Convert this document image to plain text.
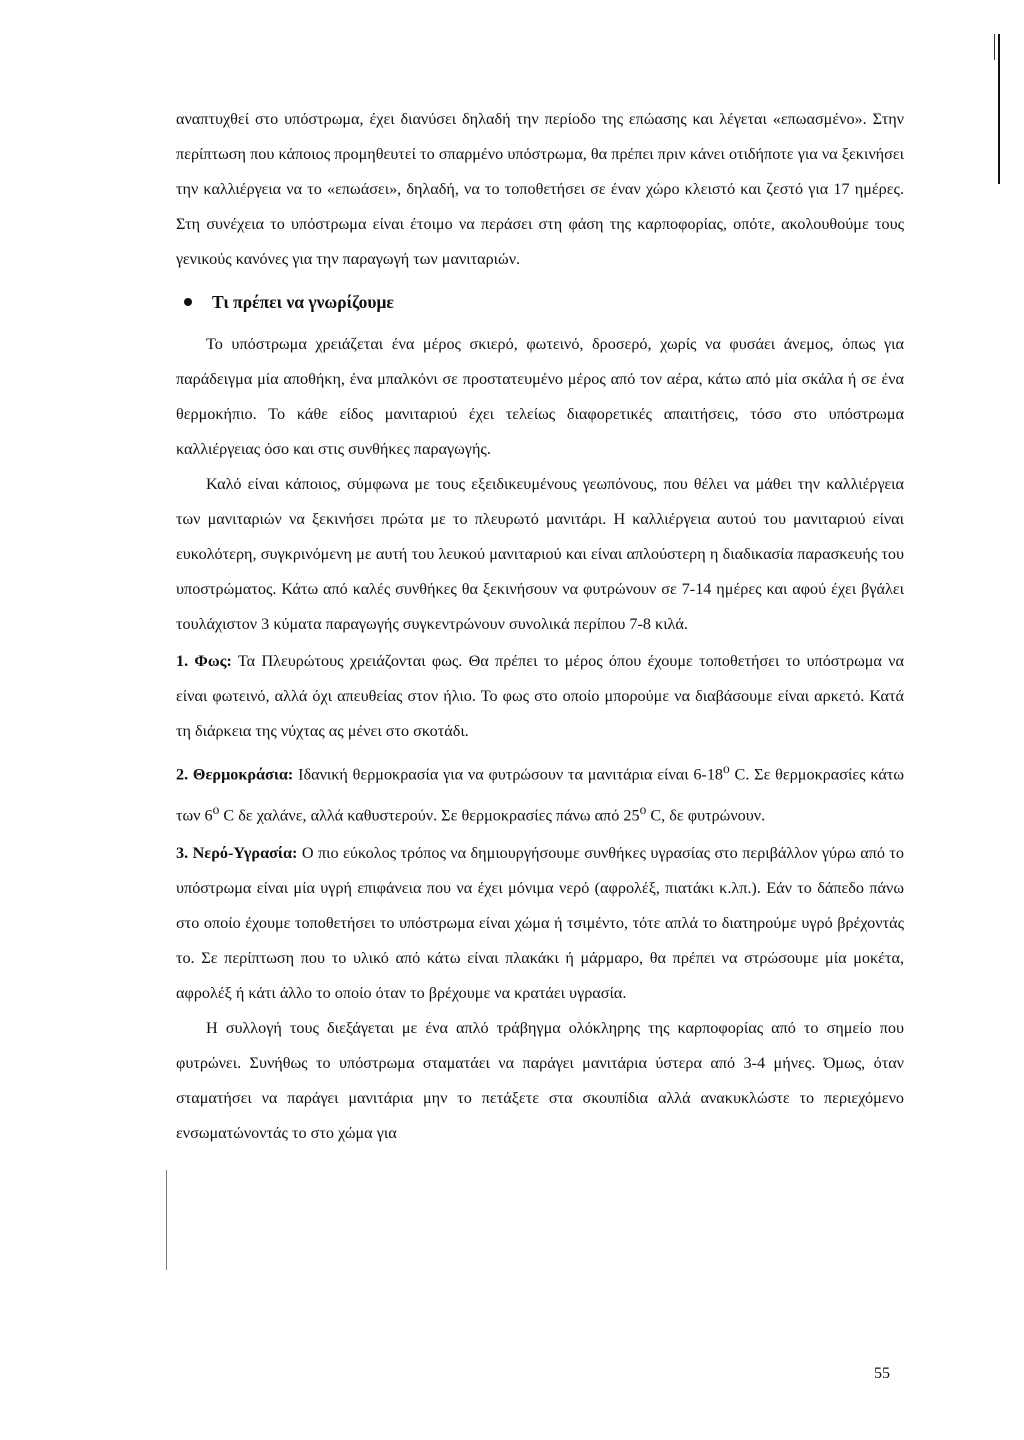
αναπτυχθεί στο υπόστρωμα, έχει διανύσει δηλαδή την περίοδο της επώασης και λέγεται «επωασμένο». Στην περίπτωση που κάποιος προμηθευτεί το σπαρμένο υπόστρωμα, θα πρέπει πριν κάνει οτιδήποτε για να ξεκινήσει την καλλιέργεια να το «επωάσει», δηλαδή, να το τοποθετήσει σε έναν χώρο κλειστό και ζεστό για 17 ημέρες. Στη συνέχεια το υπόστρωμα είναι έτοιμο να περάσει στη φάση της καρποφορίας, οπότε, ακολουθούμε τους γενικούς κανόνες για την παραγωγή των μανιταριών.

Τι πρέπει να γνωρίζουμε

Το υπόστρωμα χρειάζεται ένα μέρος σκιερό, φωτεινό, δροσερό, χωρίς να φυσάει άνεμος, όπως για παράδειγμα μία αποθήκη, ένα μπαλκόνι σε προστατευμένο μέρος από τον αέρα, κάτω από μία σκάλα ή σε ένα θερμοκήπιο. Το κάθε είδος μανιταριού έχει τελείως διαφορετικές απαιτήσεις, τόσο στο υπόστρωμα καλλιέργειας όσο και στις συνθήκες παραγωγής.

Καλό είναι κάποιος, σύμφωνα με τους εξειδικευμένους γεωπόνους, που θέλει να μάθει την καλλιέργεια των μανιταριών να ξεκινήσει πρώτα με το πλευρωτό μανιτάρι. Η καλλιέργεια αυτού του μανιταριού είναι ευκολότερη, συγκρινόμενη με αυτή του λευκού μανιταριού και είναι απλούστερη η διαδικασία παρασκευής του υποστρώματος. Κάτω από καλές συνθήκες θα ξεκινήσουν να φυτρώνουν σε 7-14 ημέρες και αφού έχει βγάλει τουλάχιστον 3 κύματα παραγωγής συγκεντρώνουν συνολικά περίπου 7-8 κιλά.

1. Φως: Τα Πλευρώτους χρειάζονται φως. Θα πρέπει το μέρος όπου έχουμε τοποθετήσει το υπόστρωμα να είναι φωτεινό, αλλά όχι απευθείας στον ήλιο. Το φως στο οποίο μπορούμε να διαβάσουμε είναι αρκετό. Κατά τη διάρκεια της νύχτας ας μένει στο σκοτάδι.

2. Θερμοκράσια: Ιδανική θερμοκρασία για να φυτρώσουν τα μανιτάρια είναι $6-18^o$ C. Σε θερμοκρασίες κάτω των $6^o$ C δε χαλάνε, αλλά καθυστερούν. Σε θερμοκρασίες πάνω από $25^o$ C, δε φυτρώνουν.

3. Νερό-Υγρασία: Ο πιο εύκολος τρόπος να δημιουργήσουμε συνθήκες υγρασίας στο περιβάλλον γύρω από το υπόστρωμα είναι μία υγρή επιφάνεια που να έχει μόνιμα νερό (αφρολέξ, πιατάκι κ.λπ.). Εάν το δάπεδο πάνω στο οποίο έχουμε τοποθετήσει το υπόστρωμα είναι χώμα ή τσιμέντο, τότε απλά το διατηρούμε υγρό βρέχοντάς το. Σε περίπτωση που το υλικό από κάτω είναι πλακάκι ή μάρμαρο, θα πρέπει να στρώσουμε μία μοκέτα, αφρολέξ ή κάτι άλλο το οποίο όταν το βρέχουμε να κρατάει υγρασία.

Η συλλογή τους διεξάγεται με ένα απλό τράβηγμα ολόκληρης της καρποφορίας από το σημείο που φυτρώνει. Συνήθως το υπόστρωμα σταματάει να παράγει μανιτάρια ύστερα από 3-4 μήνες. Όμως, όταν σταματήσει να παράγει μανιτάρια μην το πετάξετε στα σκουπίδια αλλά ανακυκλώστε το περιεχόμενο ενσωματώνοντάς το στο χώμα για

55
